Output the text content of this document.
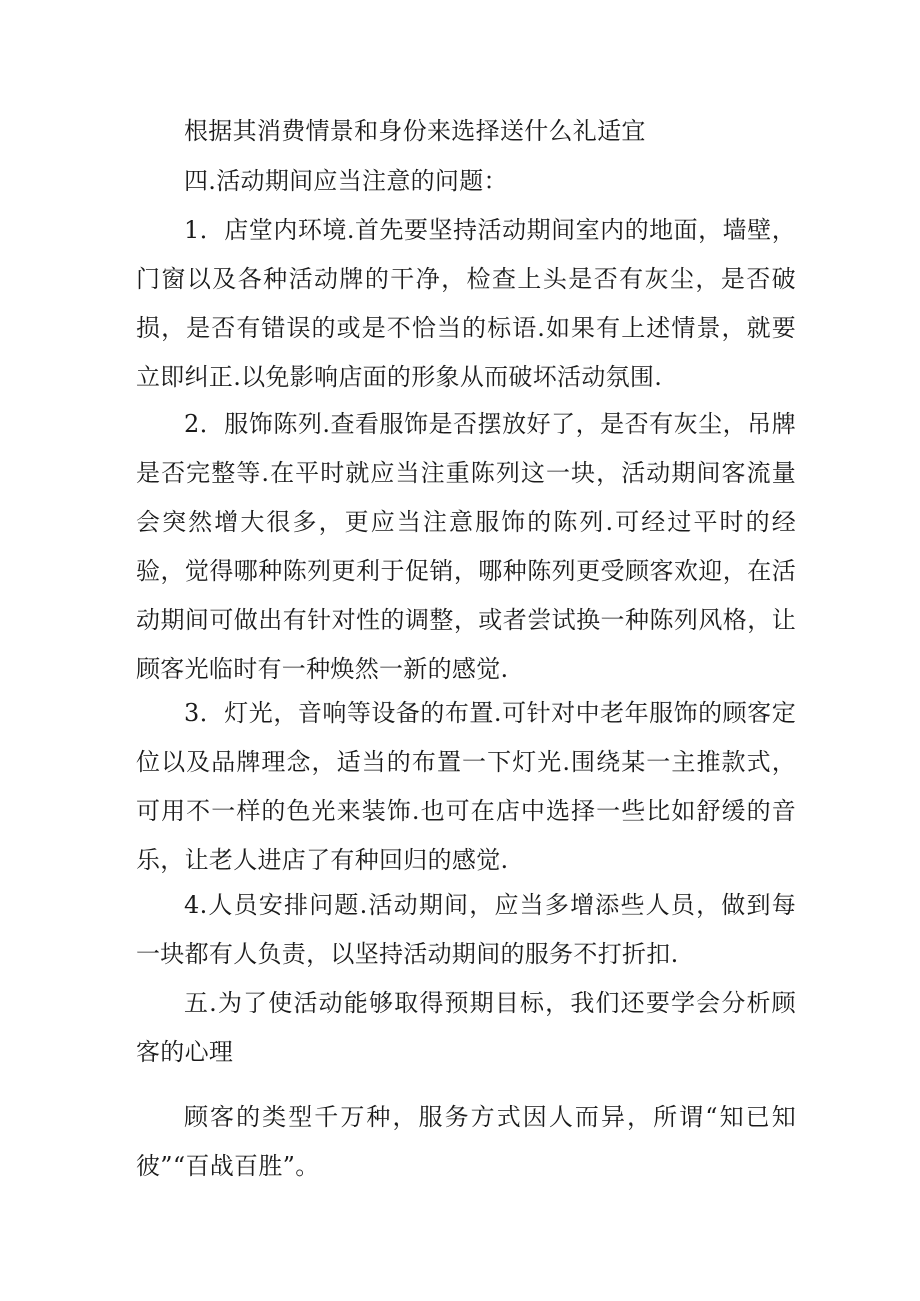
根据其消费情景和身份来选择送什么礼适宜

四.活动期间应当注意的问题：

1．店堂内环境.首先要坚持活动期间室内的地面，墙壁，门窗以及各种活动牌的干净，检查上头是否有灰尘，是否破损，是否有错误的或是不恰当的标语.如果有上述情景，就要立即纠正.以免影响店面的形象从而破坏活动氛围.

2．服饰陈列.查看服饰是否摆放好了，是否有灰尘，吊牌是否完整等.在平时就应当注重陈列这一块，活动期间客流量会突然增大很多，更应当注意服饰的陈列.可经过平时的经验，觉得哪种陈列更利于促销，哪种陈列更受顾客欢迎，在活动期间可做出有针对性的调整，或者尝试换一种陈列风格，让顾客光临时有一种焕然一新的感觉.

3．灯光，音响等设备的布置.可针对中老年服饰的顾客定位以及品牌理念，适当的布置一下灯光.围绕某一主推款式，可用不一样的色光来装饰.也可在店中选择一些比如舒缓的音乐，让老人进店了有种回归的感觉.

4.人员安排问题.活动期间，应当多增添些人员，做到每一块都有人负责，以坚持活动期间的服务不打折扣.

五.为了使活动能够取得预期目标，我们还要学会分析顾客的心理

顾客的类型千万种，服务方式因人而异，所谓“知已知彼”“百战百胜”。
